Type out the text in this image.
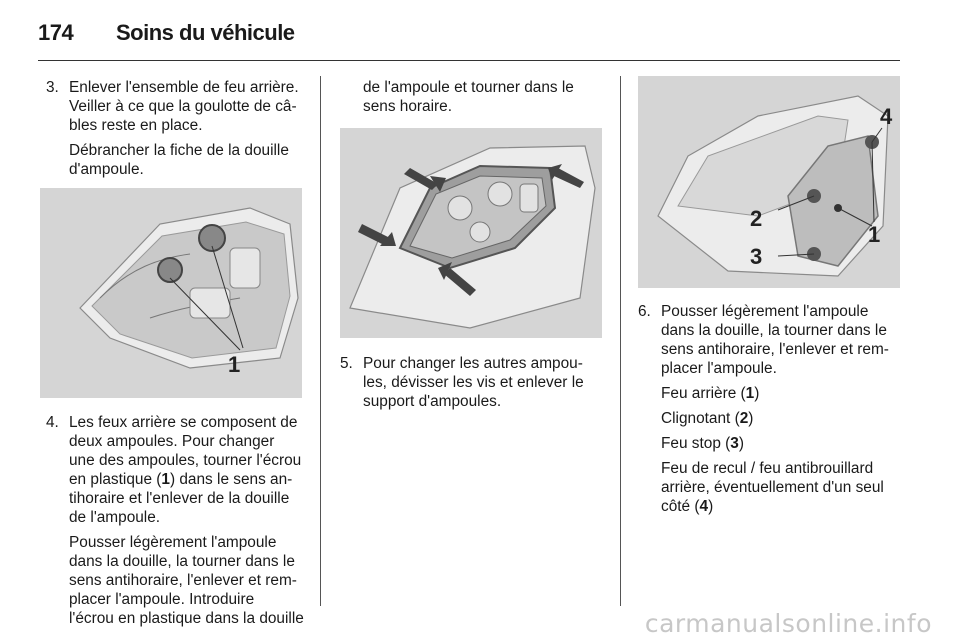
174	Soins du véhicule
3. Enlever l'ensemble de feu arrière.

Veiller à ce que la goulotte de câ-

bles reste en place.

Débrancher la fiche de la douille

d'ampoule.

1
4. Les feux arrière se composent de

deux ampoules. Pour changer

une des ampoules, tourner l'écrou

en plastique (1) dans le sens an-

tihoraire et l'enlever de la douille

de l'ampoule.

Pousser légèrement l'ampoule

dans la douille, la tourner dans le

sens antihoraire, l'enlever et rem-

placer l'ampoule. Introduire

l'écrou en plastique dans la douille

de l'ampoule et tourner dans le

sens horaire.

5. Pour changer les autres ampou-

les, dévisser les vis et enlever le

support d'ampoules.

2
3
1
4
6. Pousser légèrement l'ampoule

dans la douille, la tourner dans le

sens antihoraire, l'enlever et rem-

placer l'ampoule.

Feu arrière (1)

Clignotant (2)

Feu stop (3)

Feu de recul / feu antibrouillard

arrière, éventuellement d'un seul

côté (4)

carmanualsonline.info
